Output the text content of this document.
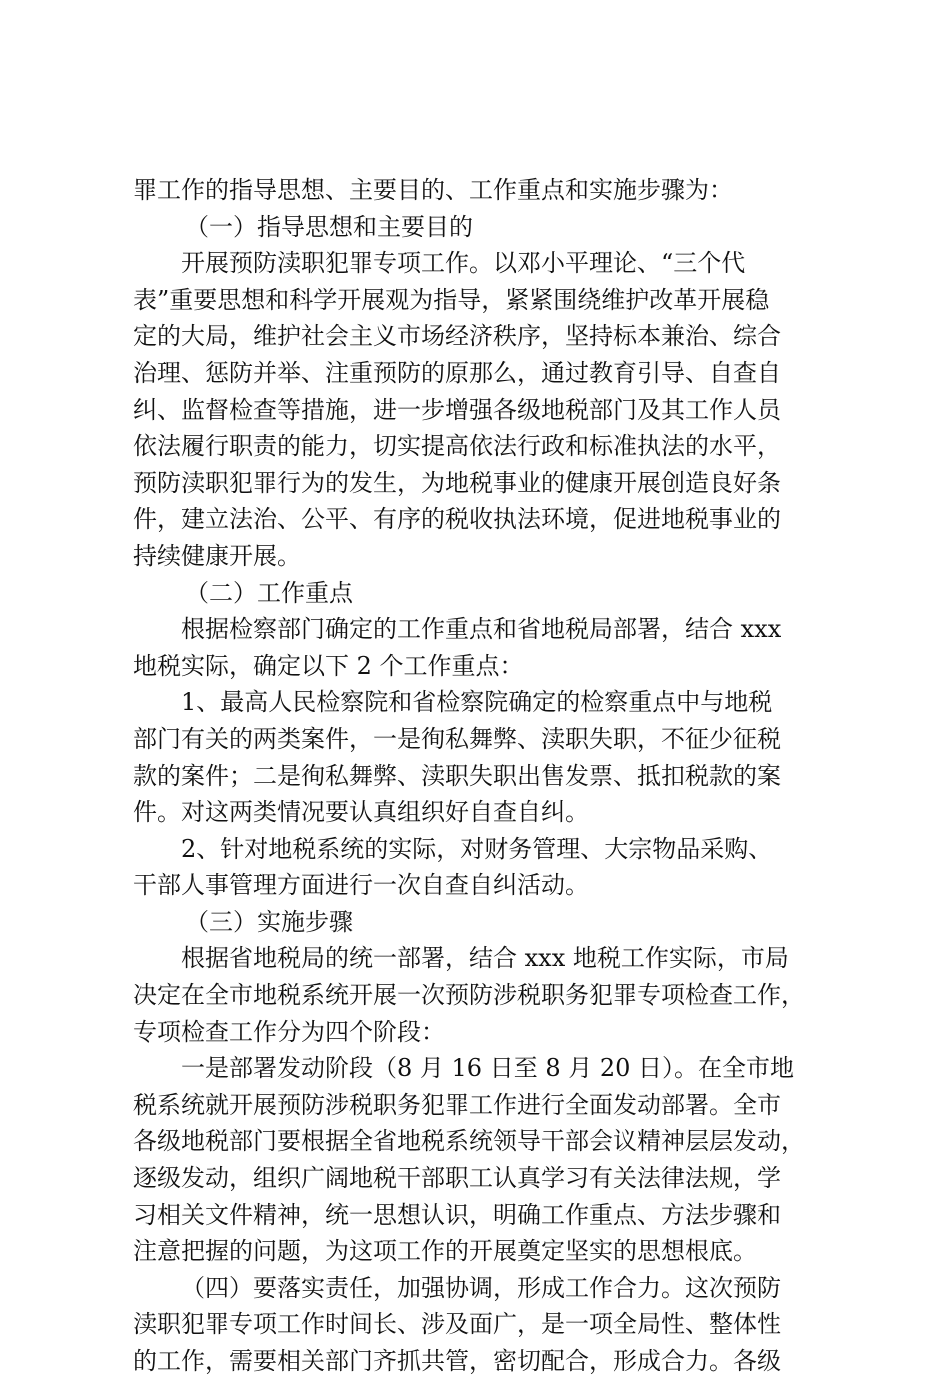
罪工作的指导思想、主要目的、工作重点和实施步骤为：
（一）指导思想和主要目的
开展预防渎职犯罪专项工作。以邓小平理论、“三个代
表”重要思想和科学开展观为指导，紧紧围绕维护改革开展稳
定的大局，维护社会主义市场经济秩序，坚持标本兼治、综合
治理、惩防并举、注重预防的原那么，通过教育引导、自查自
纠、监督检查等措施，进一步增强各级地税部门及其工作人员
依法履行职责的能力，切实提高依法行政和标准执法的水平，
预防渎职犯罪行为的发生，为地税事业的健康开展创造良好条
件，建立法治、公平、有序的税收执法环境，促进地税事业的
持续健康开展。
（二）工作重点
根据检察部门确定的工作重点和省地税局部署，结合 xxx
地税实际，确定以下 2 个工作重点：
1、最高人民检察院和省检察院确定的检察重点中与地税
部门有关的两类案件，一是徇私舞弊、渎职失职，不征少征税
款的案件；二是徇私舞弊、渎职失职出售发票、抵扣税款的案
件。对这两类情况要认真组织好自查自纠。
2、针对地税系统的实际，对财务管理、大宗物品采购、
干部人事管理方面进行一次自查自纠活动。
（三）实施步骤
根据省地税局的统一部署，结合 xxx 地税工作实际，市局
决定在全市地税系统开展一次预防涉税职务犯罪专项检查工作，
专项检查工作分为四个阶段：
一是部署发动阶段（8 月 16 日至 8 月 20 日）。在全市地
税系统就开展预防涉税职务犯罪工作进行全面发动部署。全市
各级地税部门要根据全省地税系统领导干部会议精神层层发动，
逐级发动，组织广阔地税干部职工认真学习有关法律法规，学
习相关文件精神，统一思想认识，明确工作重点、方法步骤和
注意把握的问题，为这项工作的开展奠定坚实的思想根底。
（四）要落实责任，加强协调，形成工作合力。这次预防
渎职犯罪专项工作时间长、涉及面广，是一项全局性、整体性
的工作，需要相关部门齐抓共管，密切配合，形成合力。各级
